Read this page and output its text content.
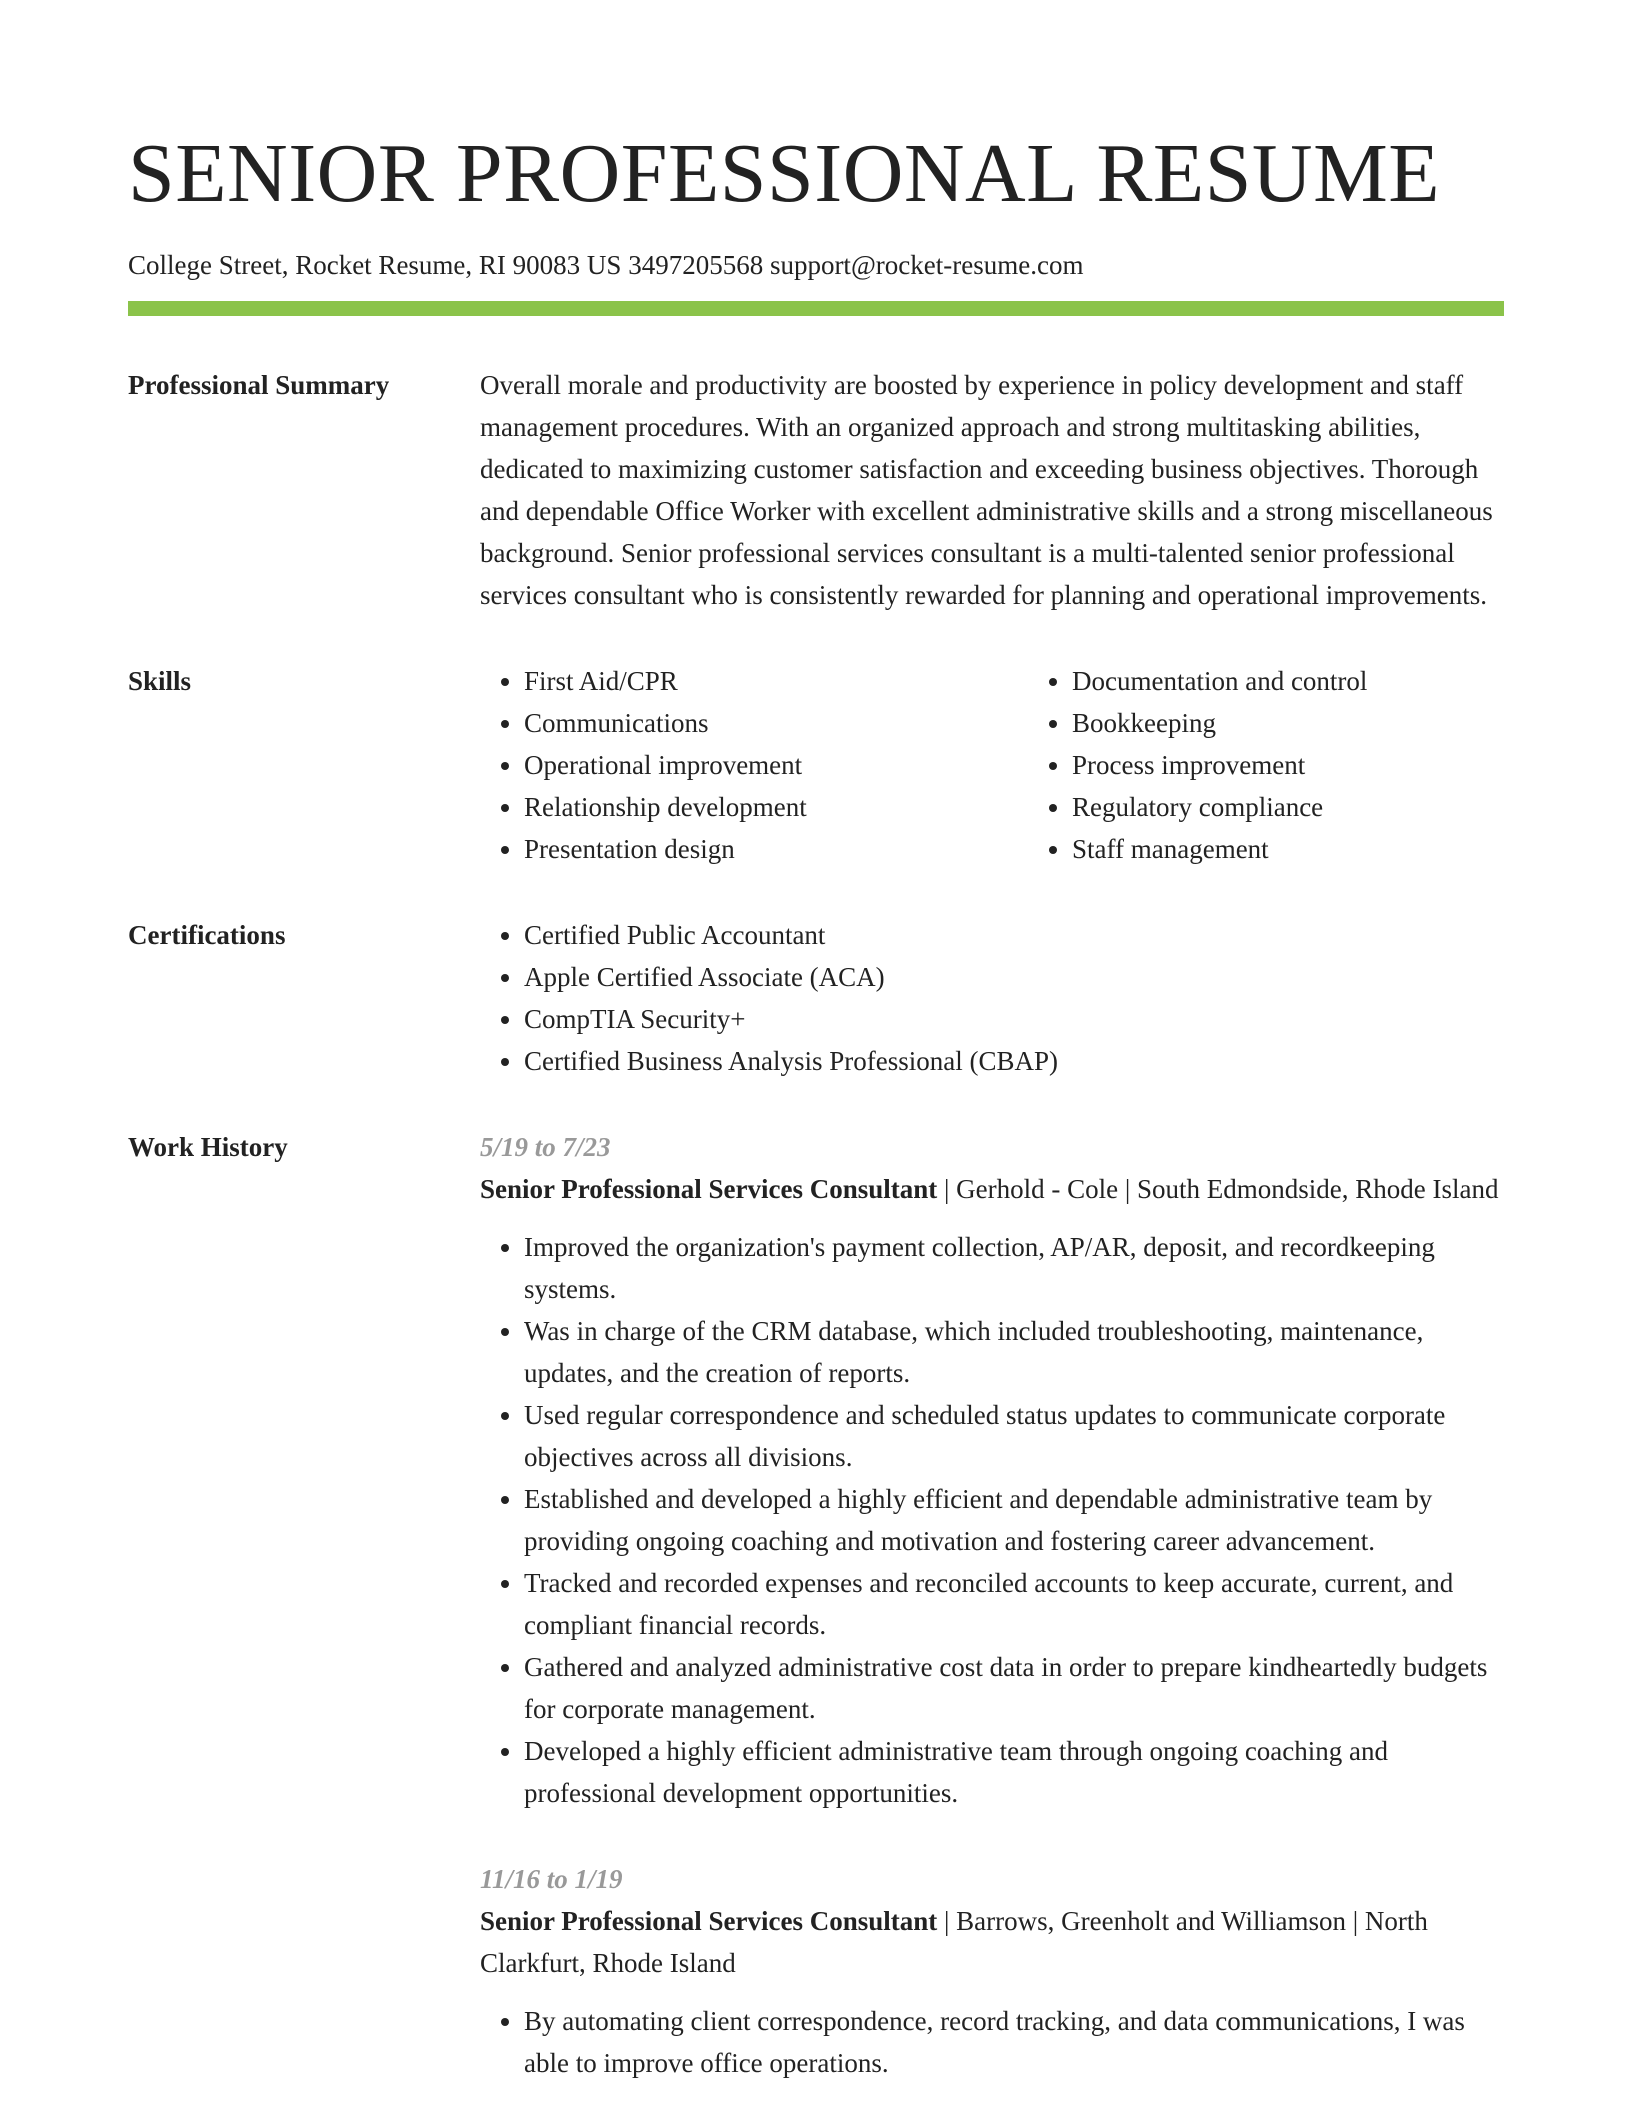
SENIOR PROFESSIONAL RESUME
College Street, Rocket Resume, RI 90083 US 3497205568 support@rocket-resume.com
Professional Summary	Overall morale and productivity are boosted by experience in policy development and staff management procedures. With an organized approach and strong multitasking abilities, dedicated to maximizing customer satisfaction and exceeding business objectives. Thorough and dependable Office Worker with excellent administrative skills and a strong miscellaneous background. Senior professional services consultant is a multi-talented senior professional services consultant who is consistently rewarded for planning and operational improvements.

Skills	• First Aid/CPR
• Communications
• Operational improvement
• Relationship development
• Presentation design
• Documentation and control
• Bookkeeping
• Process improvement
• Regulatory compliance
• Staff management
Certifications	• Certified Public Accountant
• Apple Certified Associate (ACA)
• CompTIA Security+
• Certified Business Analysis Professional (CBAP)
Work History	5/19 to 7/23

Senior Professional Services Consultant | Gerhold - Cole | South Edmondside, Rhode Island

• Improved the organization's payment collection, AP/AR, deposit, and recordkeeping systems.
• Was in charge of the CRM database, which included troubleshooting, maintenance, updates, and the creation of reports.
• Used regular correspondence and scheduled status updates to communicate corporate objectives across all divisions.
• Established and developed a highly efficient and dependable administrative team by providing ongoing coaching and motivation and fostering career advancement.
• Tracked and recorded expenses and reconciled accounts to keep accurate, current, and compliant financial records.
• Gathered and analyzed administrative cost data in order to prepare kindheartedly budgets for corporate management.
• Developed a highly efficient administrative team through ongoing coaching and professional development opportunities.
11/16 to 1/19

Senior Professional Services Consultant | Barrows, Greenholt and Williamson | North Clarkfurt, Rhode Island

• By automating client correspondence, record tracking, and data communications, I was able to improve office operations.
